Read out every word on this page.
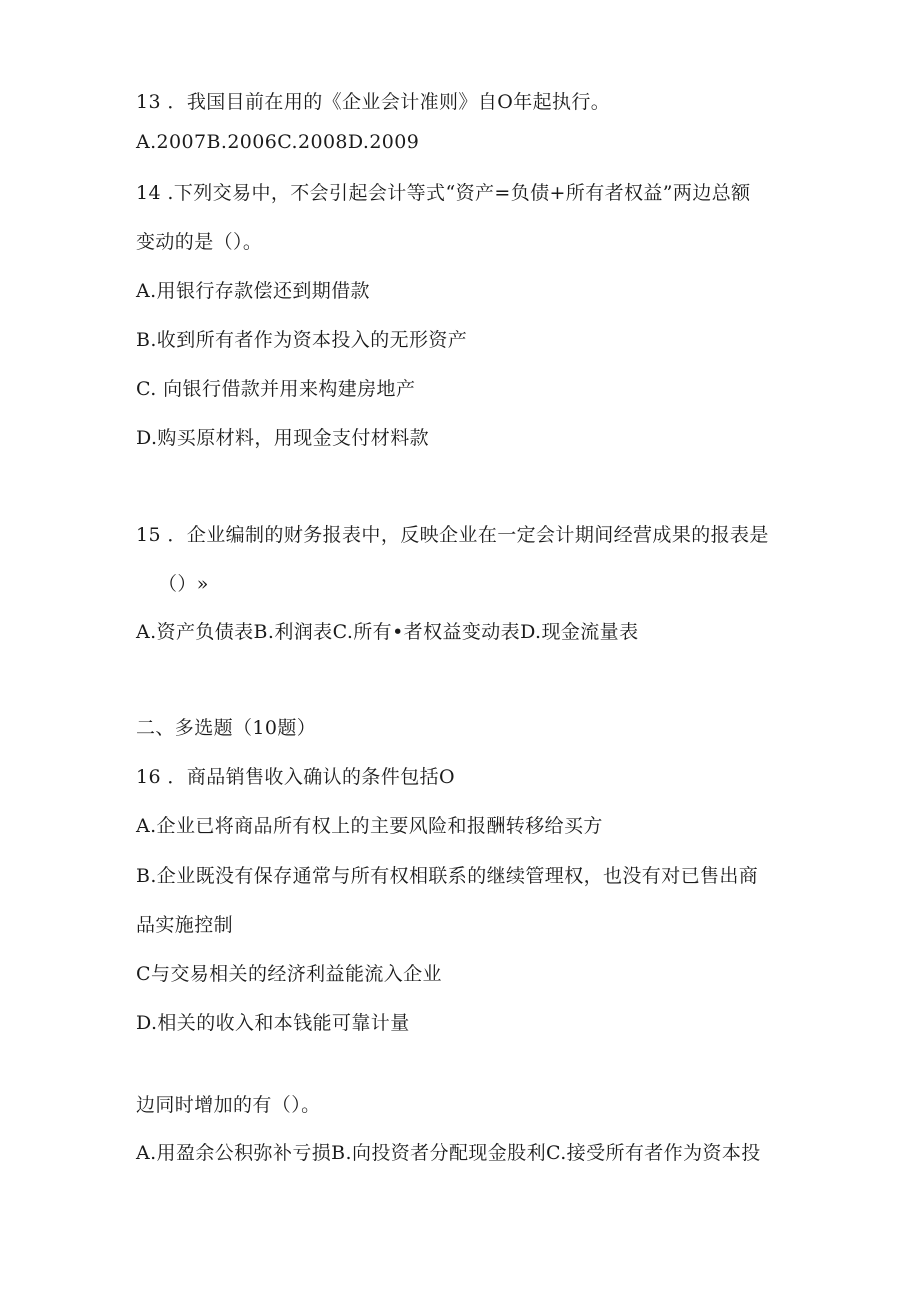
13 ．我国目前在用的《企业会计准则》自O年起执行。
A.2007B.2006C.2008D.2009
14 .下列交易中，不会引起会计等式“资产=负债+所有者权益”两边总额
变动的是（）。
A.用银行存款偿还到期借款
B.收到所有者作为资本投入的无形资产
C. 向银行借款并用来构建房地产
D.购买原材料，用现金支付材料款
15 ．企业编制的财务报表中，反映企业在一定会计期间经营成果的报表是
（）»
A.资产负债表B.利润表C.所有•者权益变动表D.现金流量表
二、多选题（10题）
16 ．商品销售收入确认的条件包括O
A.企业已将商品所有权上的主要风险和报酬转移给买方
B.企业既没有保存通常与所有权相联系的继续管理权，也没有对已售出商
品实施控制
C与交易相关的经济利益能流入企业
D.相关的收入和本钱能可靠计量
边同时增加的有（）。
A.用盈余公积弥补亏损B.向投资者分配现金股利C.接受所有者作为资本投
